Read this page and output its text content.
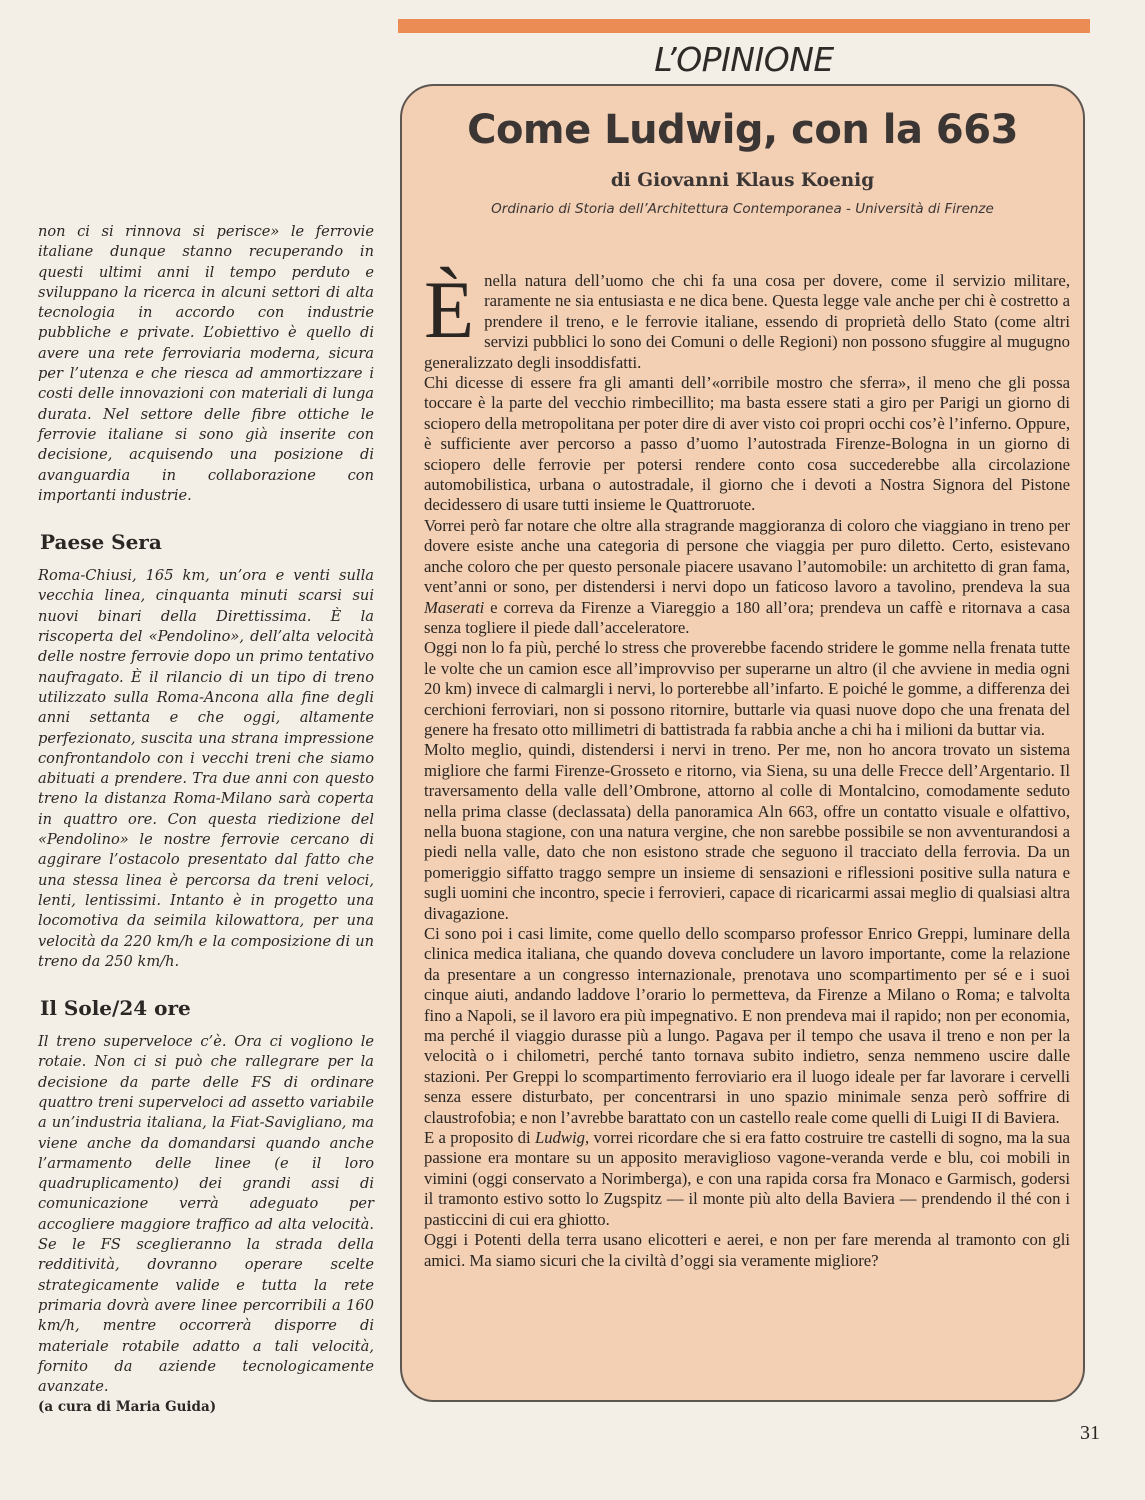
non ci si rinnova si perisce» le ferrovie italiane dunque stanno recuperando in questi ultimi anni il tempo perduto e sviluppano la ricerca in alcuni settori di alta tecnologia in accordo con industrie pubbliche e private. L’obiettivo è quello di avere una rete ferroviaria moderna, sicura per l’utenza e che riesca ad ammortizzare i costi delle innovazioni con materiali di lunga durata. Nel settore delle fibre ottiche le ferrovie italiane si sono già inserite con decisione, acquisendo una posizione di avanguardia in collaborazione con importanti industrie.

Paese Sera

Roma-Chiusi, 165 km, un’ora e venti sulla vecchia linea, cinquanta minuti scarsi sui nuovi binari della Direttissima. È la riscoperta del «Pendolino», dell’alta velocità delle nostre ferrovie dopo un primo tentativo naufragato. È il rilancio di un tipo di treno utilizzato sulla Roma-Ancona alla fine degli anni settanta e che oggi, altamente perfezionato, suscita una strana impressione confrontandolo con i vecchi treni che siamo abituati a prendere. Tra due anni con questo treno la distanza Roma-Milano sarà coperta in quattro ore. Con questa riedizione del «Pendolino» le nostre ferrovie cercano di aggirare l’ostacolo presentato dal fatto che una stessa linea è percorsa da treni veloci, lenti, lentissimi. Intanto è in progetto una locomotiva da seimila kilowattora, per una velocità da 220 km/h e la composizione di un treno da 250 km/h.

Il Sole/24 ore

Il treno superveloce c’è. Ora ci vogliono le rotaie. Non ci si può che rallegrare per la decisione da parte delle FS di ordinare quattro treni superveloci ad assetto variabile a un’industria italiana, la Fiat-Savigliano, ma viene anche da domandarsi quando anche l’armamento delle linee (e il loro quadruplicamento) dei grandi assi di comunicazione verrà adeguato per accogliere maggiore traffico ad alta velocità. Se le FS sceglieranno la strada della redditività, dovranno operare scelte strategicamente valide e tutta la rete primaria dovrà avere linee percorribili a 160 km/h, mentre occorrerà disporre di materiale rotabile adatto a tali velocità, fornito da aziende tecnologicamente avanzate.

(a cura di Maria Guida)

L’OPINIONE
Come Ludwig, con la 663
di Giovanni Klaus Koenig
Ordinario di Storia dell’Architettura Contemporanea - Università di Firenze

Ènella natura dell’uomo che chi fa una cosa per dovere, come il servizio militare, raramente ne sia entusiasta e ne dica bene. Questa legge vale anche per chi è costretto a prendere il treno, e le ferrovie italiane, essendo di proprietà dello Stato (come altri servizi pubblici lo sono dei Comuni o delle Regioni) non possono sfuggire al mugugno generalizzato degli insoddisfatti.

Chi dicesse di essere fra gli amanti dell’«orribile mostro che sferra», il meno che gli possa toccare è la parte del vecchio rimbecillito; ma basta essere stati a giro per Parigi un giorno di sciopero della metropolitana per poter dire di aver visto coi propri occhi cos’è l’inferno. Oppure, è sufficiente aver percorso a passo d’uomo l’autostrada Firenze-Bologna in un giorno di sciopero delle ferrovie per potersi rendere conto cosa succederebbe alla circolazione automobilistica, urbana o autostradale, il giorno che i devoti a Nostra Signora del Pistone decidessero di usare tutti insieme le Quattroruote.

Vorrei però far notare che oltre alla stragrande maggioranza di coloro che viaggiano in treno per dovere esiste anche una categoria di persone che viaggia per puro diletto. Certo, esistevano anche coloro che per questo personale piacere usavano l’automobile: un architetto di gran fama, vent’anni or sono, per distendersi i nervi dopo un faticoso lavoro a tavolino, prendeva la sua Maserati e correva da Firenze a Viareggio a 180 all’ora; prendeva un caffè e ritornava a casa senza togliere il piede dall’acceleratore.

Oggi non lo fa più, perché lo stress che proverebbe facendo stridere le gomme nella frenata tutte le volte che un camion esce all’improvviso per superarne un altro (il che avviene in media ogni 20 km) invece di calmargli i nervi, lo porterebbe all’infarto. E poiché le gomme, a differenza dei cerchioni ferroviari, non si possono ritornire, buttarle via quasi nuove dopo che una frenata del genere ha fresato otto millimetri di battistrada fa rabbia anche a chi ha i milioni da buttar via.

Molto meglio, quindi, distendersi i nervi in treno. Per me, non ho ancora trovato un sistema migliore che farmi Firenze-Grosseto e ritorno, via Siena, su una delle Frecce dell’Argentario. Il traversamento della valle dell’Ombrone, attorno al colle di Montalcino, comodamente seduto nella prima classe (declassata) della panoramica Aln 663, offre un contatto visuale e olfattivo, nella buona stagione, con una natura vergine, che non sarebbe possibile se non avventurandosi a piedi nella valle, dato che non esistono strade che seguono il tracciato della ferrovia. Da un pomeriggio siffatto traggo sempre un insieme di sensazioni e riflessioni positive sulla natura e sugli uomini che incontro, specie i ferrovieri, capace di ricaricarmi assai meglio di qualsiasi altra divagazione.

Ci sono poi i casi limite, come quello dello scomparso professor Enrico Greppi, luminare della clinica medica italiana, che quando doveva concludere un lavoro importante, come la relazione da presentare a un congresso internazionale, prenotava uno scompartimento per sé e i suoi cinque aiuti, andando laddove l’orario lo permetteva, da Firenze a Milano o Roma; e talvolta fino a Napoli, se il lavoro era più impegnativo. E non prendeva mai il rapido; non per economia, ma perché il viaggio durasse più a lungo. Pagava per il tempo che usava il treno e non per la velocità o i chilometri, perché tanto tornava subito indietro, senza nemmeno uscire dalle stazioni. Per Greppi lo scompartimento ferroviario era il luogo ideale per far lavorare i cervelli senza essere disturbato, per concentrarsi in uno spazio minimale senza però soffrire di claustrofobia; e non l’avrebbe barattato con un castello reale come quelli di Luigi II di Baviera.

E a proposito di Ludwig, vorrei ricordare che si era fatto costruire tre castelli di sogno, ma la sua passione era montare su un apposito meraviglioso vagone-veranda verde e blu, coi mobili in vimini (oggi conservato a Norimberga), e con una rapida corsa fra Monaco e Garmisch, godersi il tramonto estivo sotto lo Zugspitz — il monte più alto della Baviera — prendendo il thé con i pasticcini di cui era ghiotto.

Oggi i Potenti della terra usano elicotteri e aerei, e non per fare merenda al tramonto con gli amici. Ma siamo sicuri che la civiltà d’oggi sia veramente migliore?

31
